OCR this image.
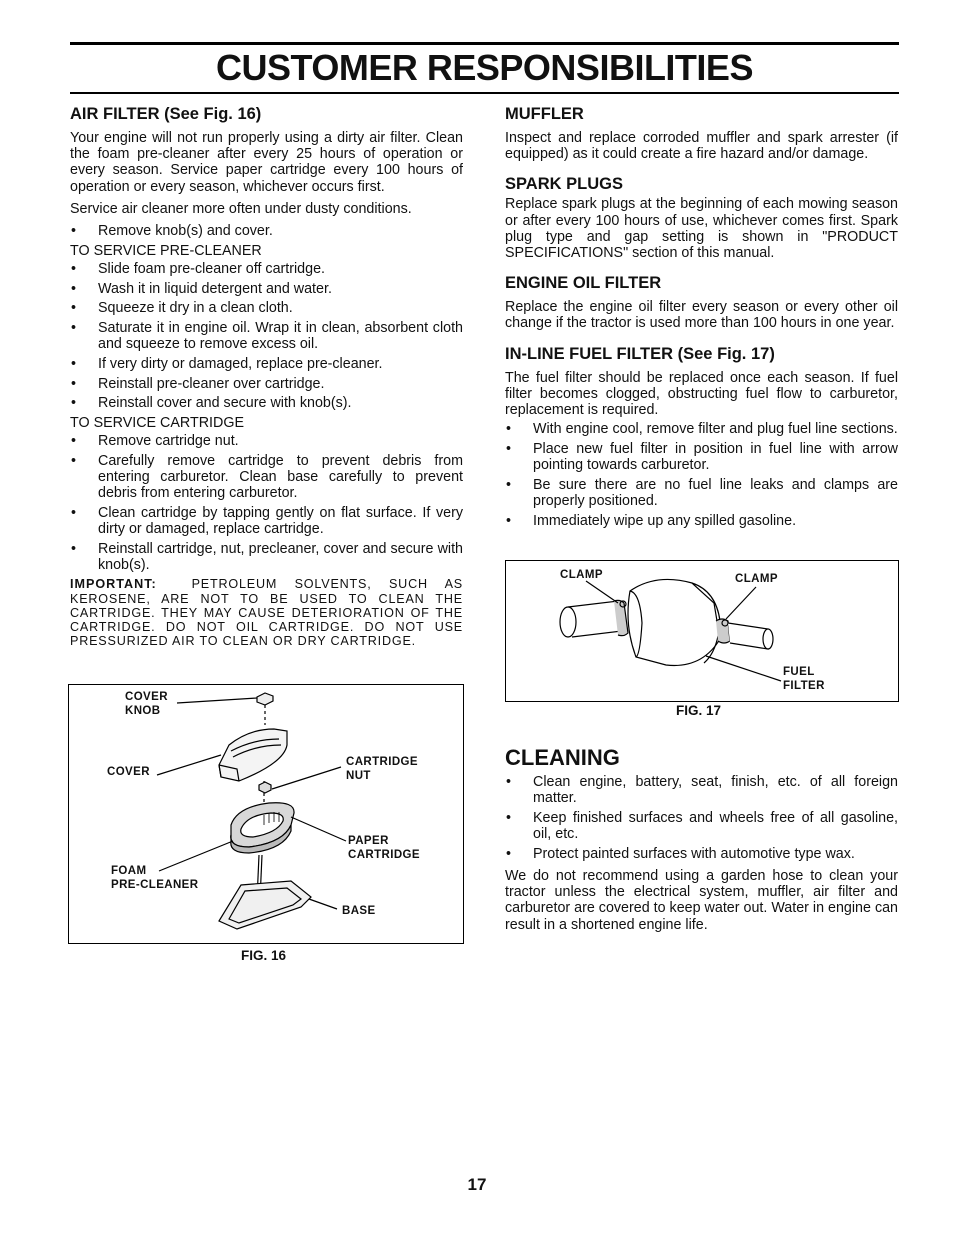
CUSTOMER RESPONSIBILITIES
AIR FILTER (See Fig. 16)

Your engine will not run properly using a dirty air filter. Clean the foam pre-cleaner after every 25 hours of operation or every season. Service paper cartridge every 100 hours of operation or every season, whichever occurs first.

Service air cleaner more often under dusty conditions.

• Remove knob(s) and cover.
TO SERVICE PRE-CLEANER
• Slide foam pre-cleaner off cartridge.
• Wash it in liquid detergent and water.
• Squeeze it dry in a clean cloth.
• Saturate it in engine oil. Wrap it in clean, absorbent cloth and squeeze to remove excess oil.
• If very dirty or damaged, replace pre-cleaner.
• Reinstall pre-cleaner over cartridge.
• Reinstall cover and secure with knob(s).
TO SERVICE CARTRIDGE
• Remove cartridge nut.
• Carefully remove cartridge to prevent debris from entering carburetor. Clean base carefully to prevent debris from entering carburetor.
• Clean cartridge by tapping gently on flat surface. If very dirty or damaged, replace cartridge.
• Reinstall cartridge, nut, precleaner, cover and secure with knob(s).
IMPORTANT:	PETROLEUM SOLVENTS, SUCH AS KEROSENE, ARE NOT TO BE USED TO CLEAN THE CARTRIDGE. THEY MAY CAUSE DETERIORATION OF THE CARTRIDGE. DO NOT OIL CARTRIDGE. DO NOT USE PRESSURIZED AIR TO CLEAN OR DRY CARTRIDGE.
COVER
KNOB
COVER
CARTRIDGE
NUT
PAPER
CARTRIDGE
FOAM
PRE-CLEANER
BASE
FIG. 16
MUFFLER

Inspect and replace corroded muffler and spark arrester (if equipped) as it could create a fire hazard and/or damage.

SPARK PLUGS

Replace spark plugs at the beginning of each mowing season or after every 100 hours of use, whichever comes first. Spark plug type and gap setting is shown in "PRODUCT SPECIFICATIONS" section of this manual.

ENGINE OIL FILTER

Replace the engine oil filter every season or every other oil change if the tractor is used more than 100 hours in one year.

IN-LINE FUEL FILTER (See Fig. 17)

The fuel filter should be replaced once each season. If fuel filter becomes clogged, obstructing fuel flow to carburetor, replacement is required.

• With engine cool, remove filter and plug fuel line sections.
• Place new fuel filter in position in fuel line with arrow pointing towards carburetor.
• Be sure there are no fuel line leaks and clamps are properly positioned.
• Immediately wipe up any spilled gasoline.
CLAMP	CLAMP
FUEL
FILTER
FIG. 17
CLEANING
• Clean engine, battery, seat, finish, etc. of all foreign matter.
• Keep finished surfaces and wheels free of all gasoline, oil, etc.
• Protect painted surfaces with automotive type wax.

We do not recommend using a garden hose to clean your tractor unless the electrical system, muffler, air filter and carburetor are covered to keep water out. Water in engine can result in a shortened engine life.

17
